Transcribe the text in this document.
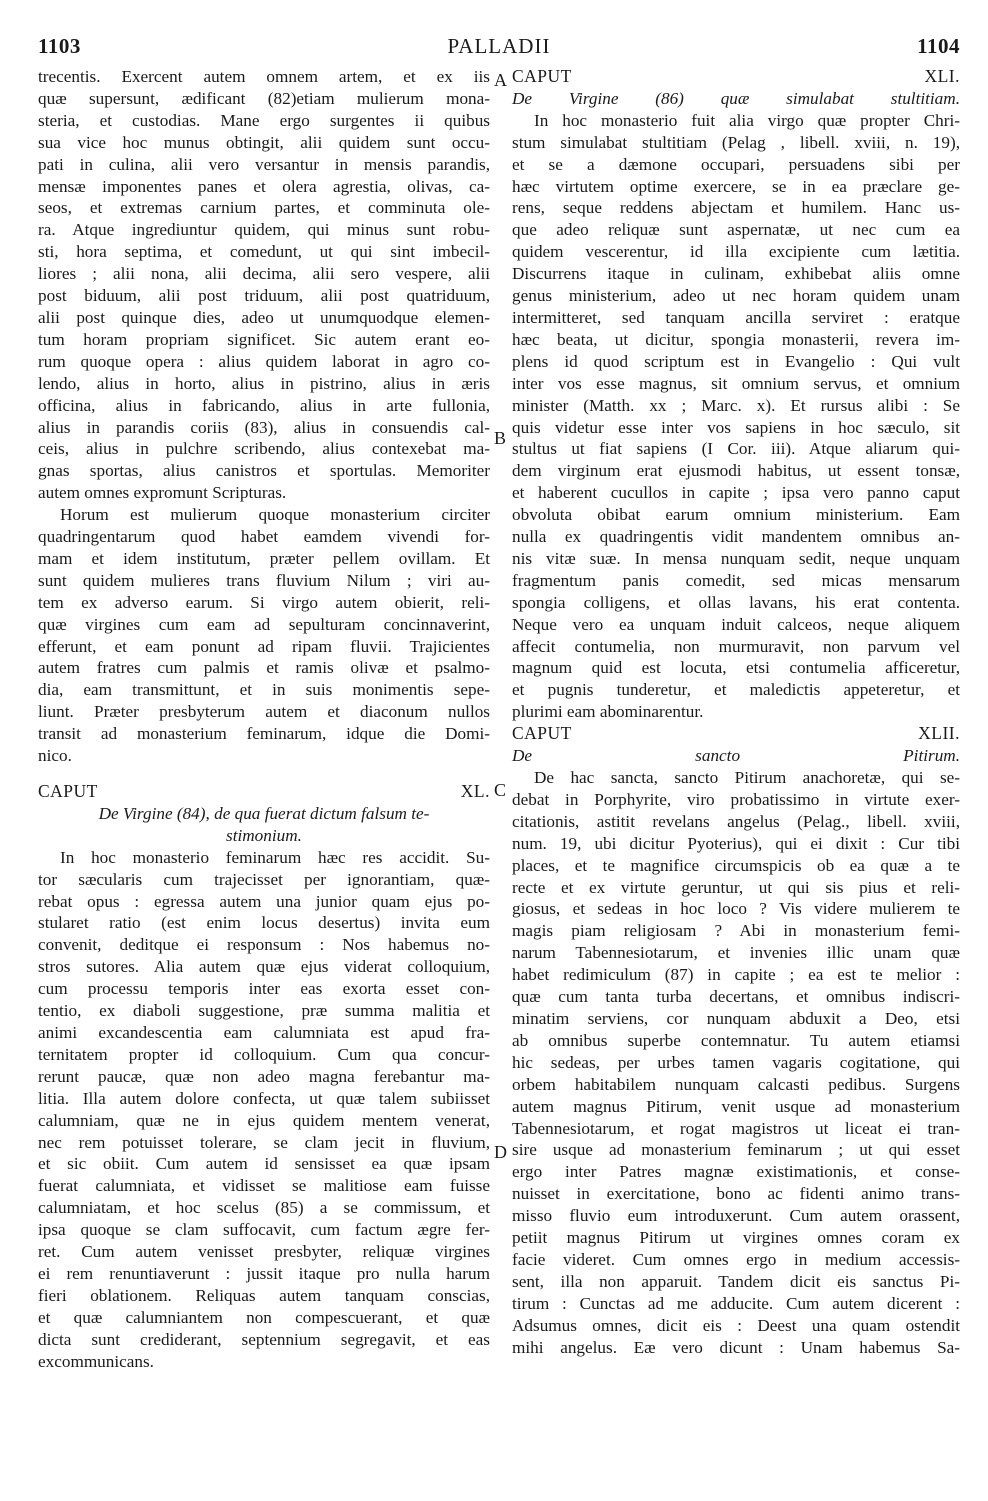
1103	PALLADII	1104
A
B
C
D

trecentis. Exercent autem omnem artem, et ex iis

quæ supersunt, ædificant (82)etiam mulierum mona-

steria, et custodias. Mane ergo surgentes ii quibus

sua vice hoc munus obtingit, alii quidem sunt occu-

pati in culina, alii vero versantur in mensis parandis,

mensæ imponentes panes et olera agrestia, olivas, ca-

seos, et extremas carnium partes, et comminuta ole-

ra. Atque ingrediuntur quidem, qui minus sunt robu-

sti, hora septima, et comedunt, ut qui sint imbecil-

liores ; alii nona, alii decima, alii sero vespere, alii

post biduum, alii post triduum, alii post quatriduum,

alii post quinque dies, adeo ut unumquodque elemen-

tum horam propriam significet. Sic autem erant eo-

rum quoque opera : alius quidem laborat in agro co-

lendo, alius in horto, alius in pistrino, alius in æris

officina, alius in fabricando, alius in arte fullonia,

alius in parandis coriis (83), alius in consuendis cal-

ceis, alius in pulchre scribendo, alius contexebat ma-

gnas sportas, alius canistros et sportulas. Memoriter

autem omnes expromunt Scripturas.

Horum est mulierum quoque monasterium circiter

quadringentarum quod habet eamdem vivendi for-

mam et idem institutum, præter pellem ovillam. Et

sunt quidem mulieres trans fluvium Nilum ; viri au-

tem ex adverso earum. Si virgo autem obierit, reli-

quæ virgines cum eam ad sepulturam concinnaverint,

efferunt, et eam ponunt ad ripam fluvii. Trajicientes

autem fratres cum palmis et ramis olivæ et psalmo-

dia, eam transmittunt, et in suis monimentis sepe-

liunt. Præter presbyterum autem et diaconum nullos

transit ad monasterium feminarum, idque die Domi-

nico.

CAPUT XL.

De Virgine (84), de qua fuerat dictum falsum te-

stimonium.

In hoc monasterio feminarum hæc res accidit. Su-

tor sæcularis cum trajecisset per ignorantiam, quæ-

rebat opus : egressa autem una junior quam ejus po-

stularet ratio (est enim locus desertus) invita eum

convenit, deditque ei responsum : Nos habemus no-

stros sutores. Alia autem quæ ejus viderat colloquium,

cum processu temporis inter eas exorta esset con-

tentio, ex diaboli suggestione, præ summa malitia et

animi excandescentia eam calumniata est apud fra-

ternitatem propter id colloquium. Cum qua concur-

rerunt paucæ, quæ non adeo magna ferebantur ma-

litia. Illa autem dolore confecta, ut quæ talem subiisset

calumniam, quæ ne in ejus quidem mentem venerat,

nec rem potuisset tolerare, se clam jecit in fluvium,

et sic obiit. Cum autem id sensisset ea quæ ipsam

fuerat calumniata, et vidisset se malitiose eam fuisse

calumniatam, et hoc scelus (85) a se commissum, et

ipsa quoque se clam suffocavit, cum factum ægre fer-

ret. Cum autem venisset presbyter, reliquæ virgines

ei rem renuntiaverunt : jussit itaque pro nulla harum

fieri oblationem. Reliquas autem tanquam conscias,

et quæ calumniantem non compescuerant, et quæ

dicta sunt crediderant, septennium segregavit, et eas

excommunicans.

CAPUT XLI.

De Virgine (86) quæ simulabat stultitiam.

In hoc monasterio fuit alia virgo quæ propter Chri-

stum simulabat stultitiam (Pelag , libell. xviii, n. 19),

et se a dæmone occupari, persuadens sibi per

hæc virtutem optime exercere, se in ea præclare ge-

rens, seque reddens abjectam et humilem. Hanc us-

que adeo reliquæ sunt aspernatæ, ut nec cum ea

quidem vescerentur, id illa excipiente cum lætitia.

Discurrens itaque in culinam, exhibebat aliis omne

genus ministerium, adeo ut nec horam quidem unam

intermitteret, sed tanquam ancilla serviret : eratque

hæc beata, ut dicitur, spongia monasterii, revera im-

plens id quod scriptum est in Evangelio : Qui vult

inter vos esse magnus, sit omnium servus, et omnium

minister (Matth. xx ; Marc. x). Et rursus alibi : Se

quis videtur esse inter vos sapiens in hoc sæculo, sit

stultus ut fiat sapiens (I Cor. iii). Atque aliarum qui-

dem virginum erat ejusmodi habitus, ut essent tonsæ,

et haberent cucullos in capite ; ipsa vero panno caput

obvoluta obibat earum omnium ministerium. Eam

nulla ex quadringentis vidit mandentem omnibus an-

nis vitæ suæ. In mensa nunquam sedit, neque unquam

fragmentum panis comedit, sed micas mensarum

spongia colligens, et ollas lavans, his erat contenta.

Neque vero ea unquam induit calceos, neque aliquem

affecit contumelia, non murmuravit, non parvum vel

magnum quid est locuta, etsi contumelia afficeretur,

et pugnis tunderetur, et maledictis appeteretur, et

plurimi eam abominarentur.

CAPUT XLII.

De sancto Pitirum.

De hac sancta, sancto Pitirum anachoretæ, qui se-

debat in Porphyrite, viro probatissimo in virtute exer-

citationis, astitit revelans angelus (Pelag., libell. xviii,

num. 19, ubi dicitur Pyoterius), qui ei dixit : Cur tibi

places, et te magnifice circumspicis ob ea quæ a te

recte et ex virtute geruntur, ut qui sis pius et reli-

giosus, et sedeas in hoc loco ? Vis videre mulierem te

magis piam religiosam ? Abi in monasterium femi-

narum Tabennesiotarum, et invenies illic unam quæ

habet redimiculum (87) in capite ; ea est te melior :

quæ cum tanta turba decertans, et omnibus indiscri-

minatim serviens, cor nunquam abduxit a Deo, etsi

ab omnibus superbe contemnatur. Tu autem etiamsi

hic sedeas, per urbes tamen vagaris cogitatione, qui

orbem habitabilem nunquam calcasti pedibus. Surgens

autem magnus Pitirum, venit usque ad monasterium

Tabennesiotarum, et rogat magistros ut liceat ei tran-

sire usque ad monasterium feminarum ; ut qui esset

ergo inter Patres magnæ existimationis, et conse-

nuisset in exercitatione, bono ac fidenti animo trans-

misso fluvio eum introduxerunt. Cum autem orassent,

petiit magnus Pitirum ut virgines omnes coram ex

facie videret. Cum omnes ergo in medium accessis-

sent, illa non apparuit. Tandem dicit eis sanctus Pi-

tirum : Cunctas ad me adducite. Cum autem dicerent :

Adsumus omnes, dicit eis : Deest una quam ostendit

mihi angelus. Eæ vero dicunt : Unam habemus Sa-
